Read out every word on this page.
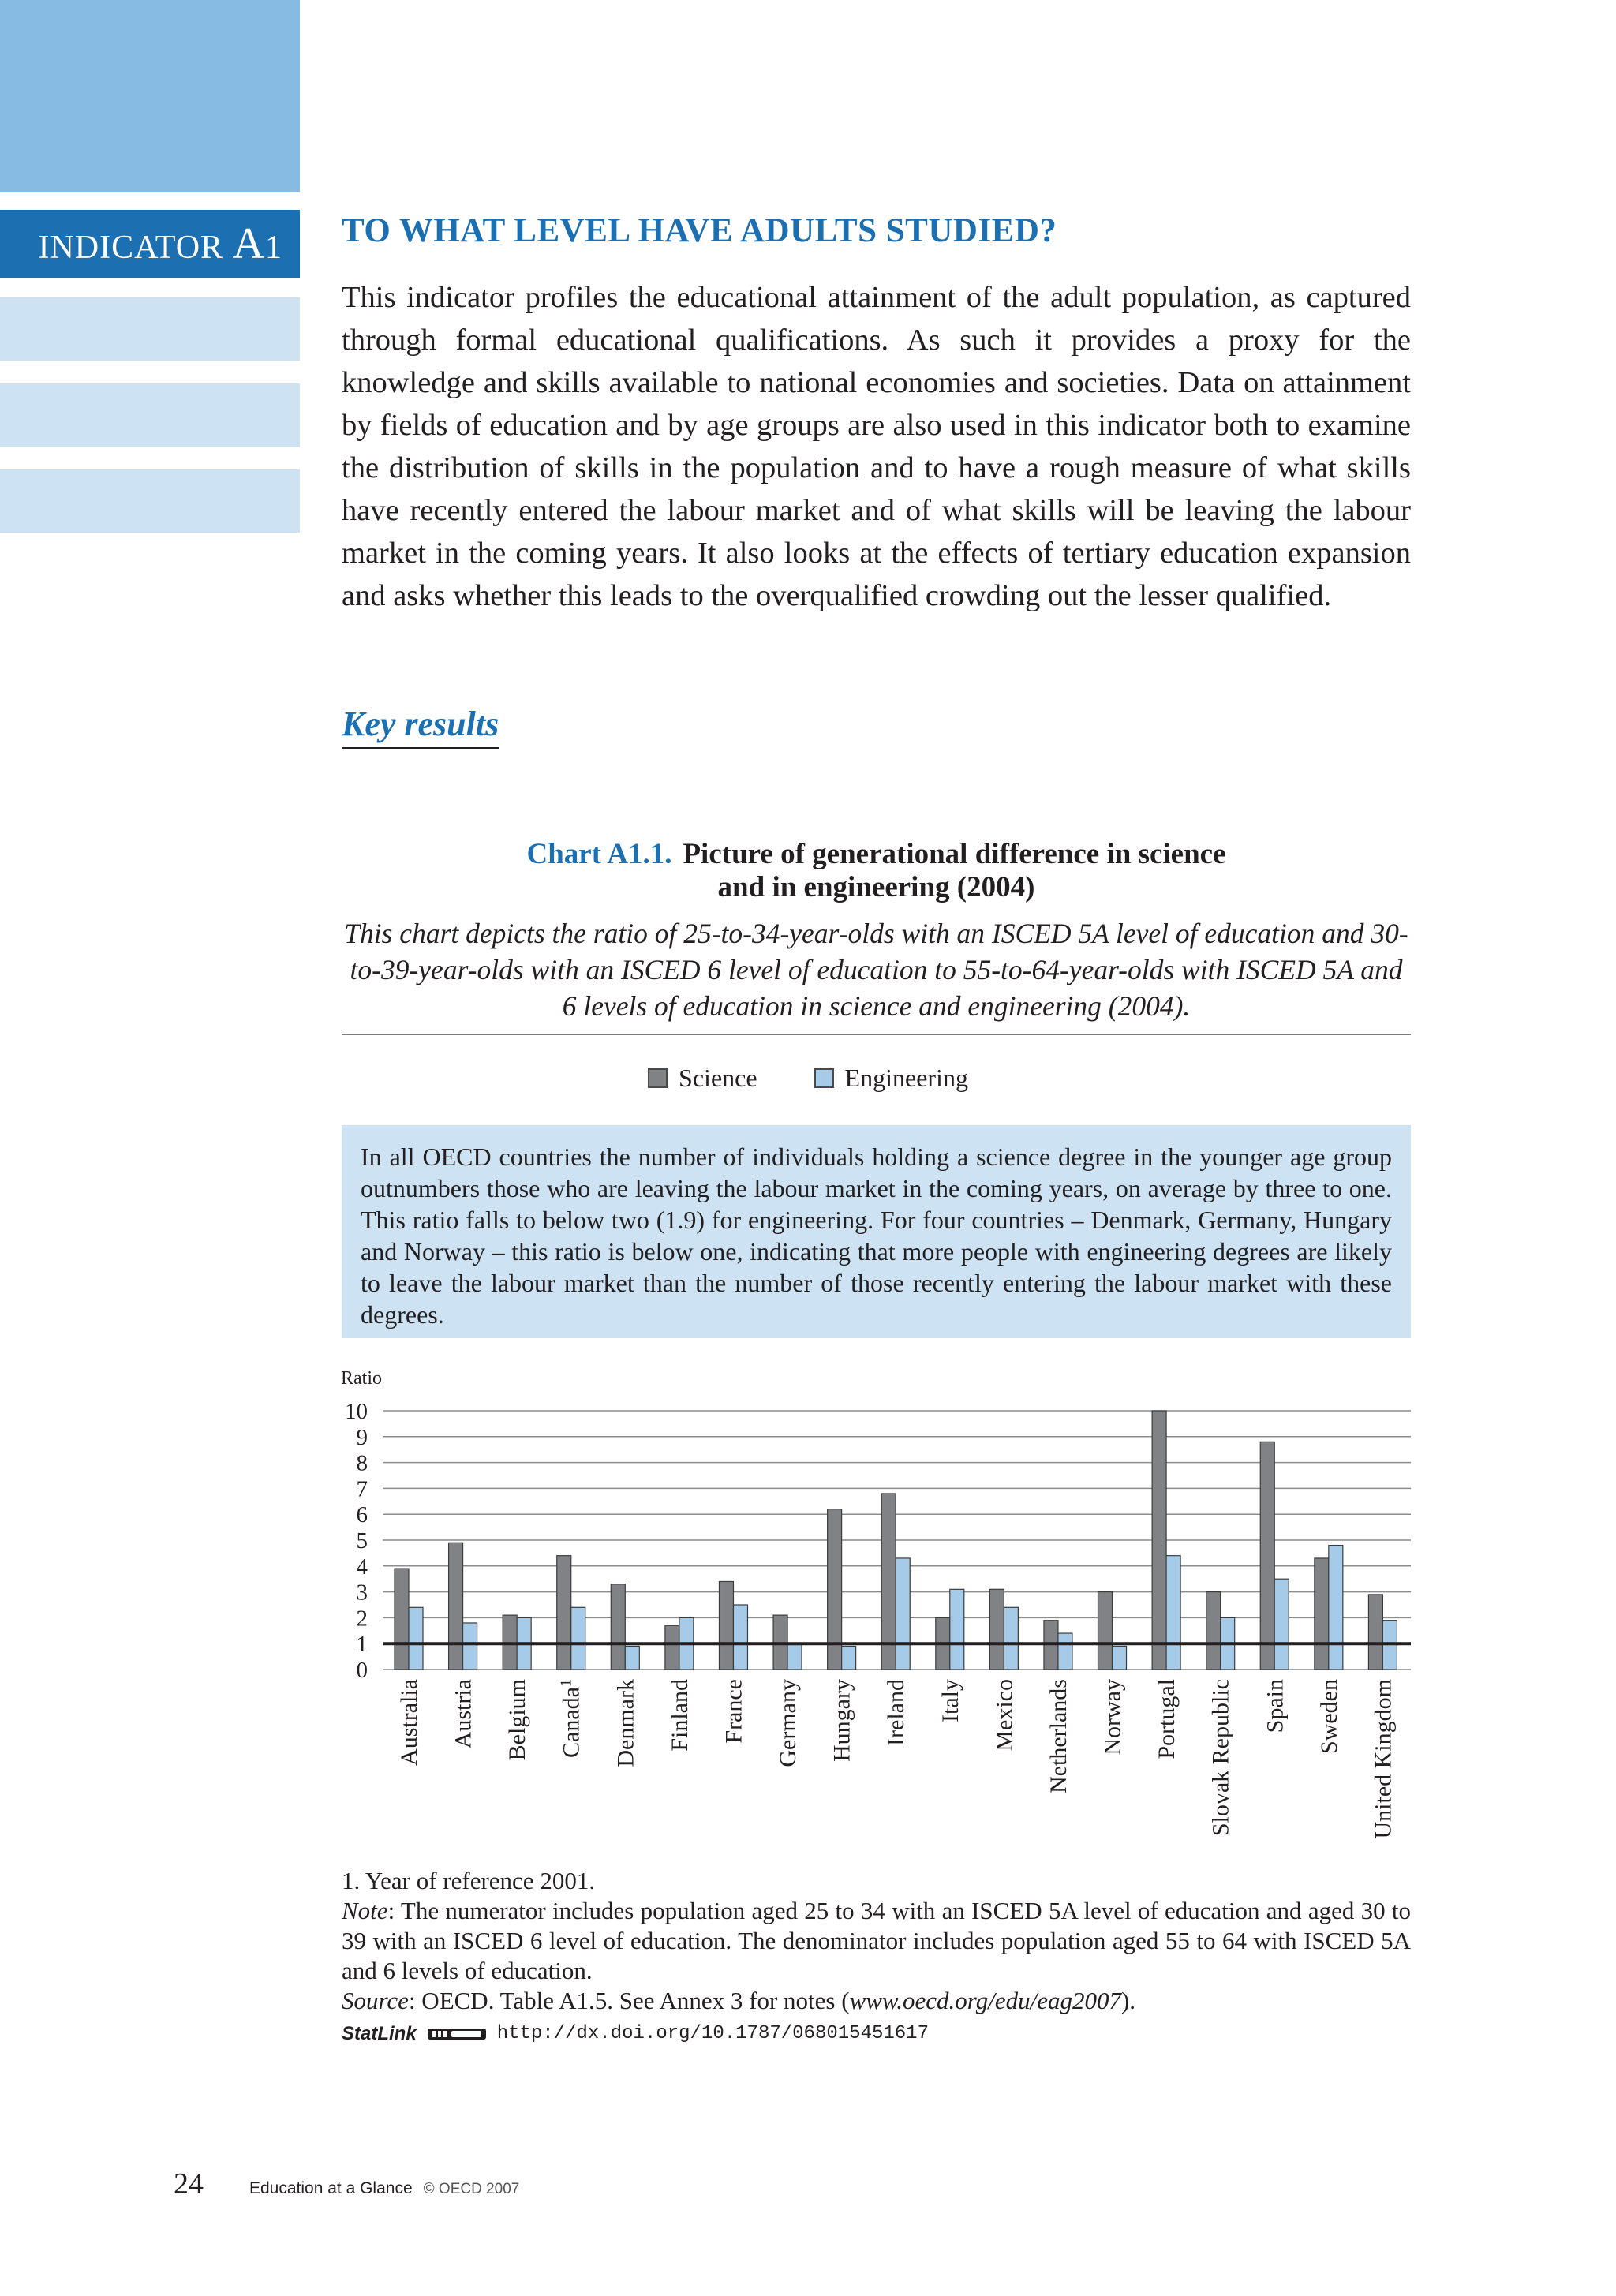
INDICATOR A1	TO WHAT LEVEL HAVE ADULTS STUDIED?

This indicator profiles the educational attainment of the adult population, as captured through formal educational qualifications. As such it provides a proxy for the knowledge and skills available to national economies and societies. Data on attainment by fields of education and by age groups are also used in this indicator both to examine the distribution of skills in the population and to have a rough measure of what skills have recently entered the labour market and of what skills will be leaving the labour market in the coming years. It also looks at the effects of tertiary education expansion and asks whether this leads to the overqualified crowding out the lesser qualified.

Key results
Chart A1.1. Picture of generational difference in science
and in engineering (2004)
This chart depicts the ratio of 25-to-34-year-olds with an ISCED 5A level of education and 30-to-39-year-olds with an ISCED 6 level of education to 55-to-64-year-olds with ISCED 5A and 6 levels of education in science and engineering (2004).
Science
	Engineering
In all OECD countries the number of individuals holding a science degree in the younger age group outnumbers those who are leaving the labour market in the coming years, on average by three to one. This ratio falls to below two (1.9) for engineering. For four countries – Denmark, Germany, Hungary and Norway – this ratio is below one, indicating that more people with engineering degrees are likely to leave the labour market than the number of those recently entering the labour market with these degrees.
Ratio
0
1
2
3
4
5
6
7
8
9
10
Australia Austria Belgium Canada$^1$	Denmark Finland France Germany Hungary Ireland Italy Mexico Netherlands Norway Portugal Slovak Republic Spain Sweden United Kingdom

1. Year of reference 2001.

Note: The numerator includes population aged 25 to 34 with an ISCED 5A level of education and aged 30 to 39 with an ISCED 6 level of education. The denominator includes population aged 55 to 64 with ISCED 5A and 6 levels of education.

Source: OECD. Table A1.5. See Annex 3 for notes (www.oecd.org/edu/eag2007).

StatLink	http://dx.doi.org/10.1787/068015451617
24	Education at a Glance © OECD 2007
